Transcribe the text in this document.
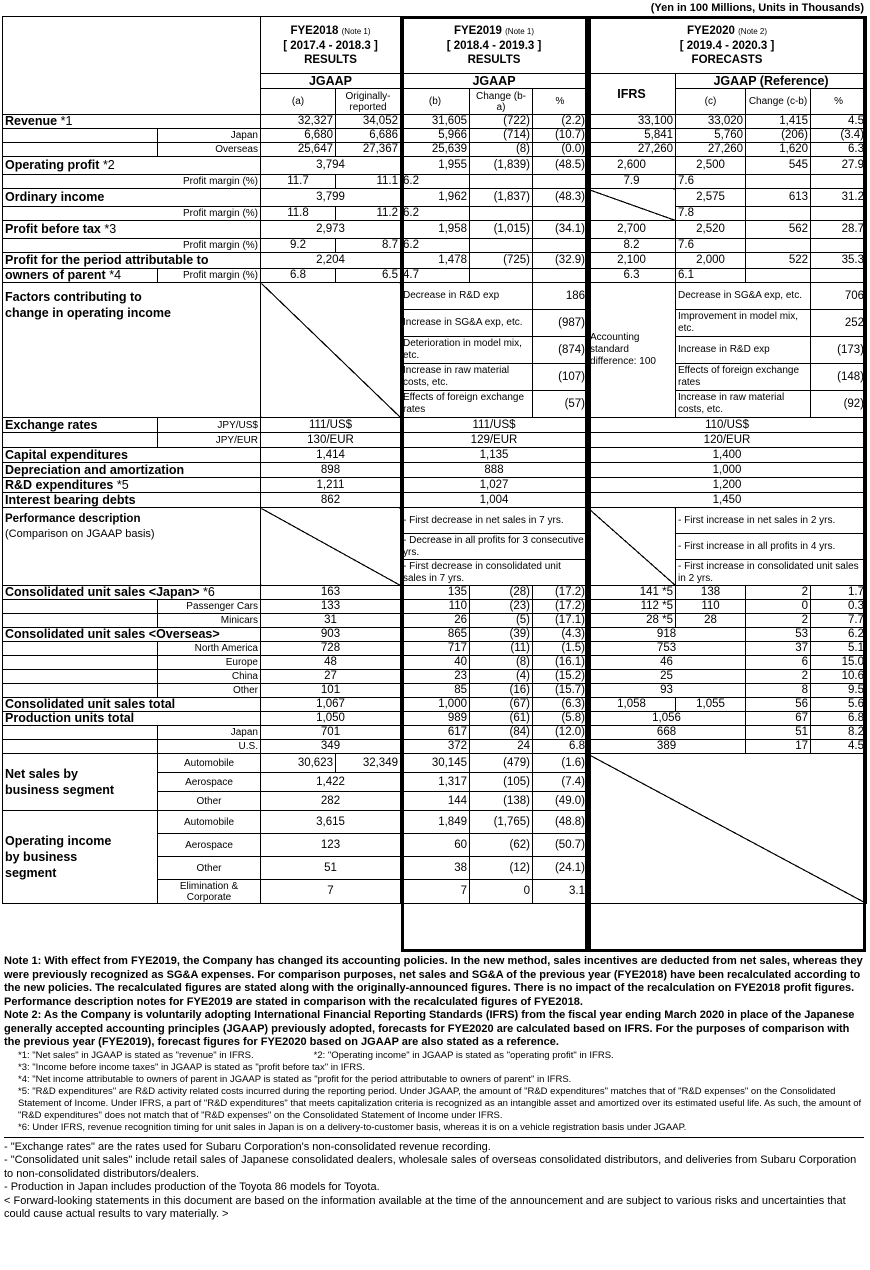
(Yen in 100 Millions, Units in Thousands)
		FYE2018 (Note 1)
[ 2017.4 - 2018.3 ]
RESULTS		FYE2019 (Note 1)
[ 2018.4 - 2019.3 ]
RESULTS			FYE2020 (Note 2)
[ 2019.4 - 2020.3 ]
FORECASTS			
		JGAAP		JGAAP			IFRS	JGAAP (Reference)		
		(a)	Originally-reported	(b)	Change (b-a)	%		(c)	Change (c-b)	%
Revenue *1		32,327	34,052	31,605	(722)	(2.2)	33,100	33,020	1,415	4.5
	Japan	6,680	6,686	5,966	(714)	(10.7)	5,841	5,760	(206)	(3.4)
	Overseas	25,647	27,367	25,639	(8)	(0.0)	27,260	27,260	1,620	6.3
Operating profit *2		3,794		1,955	(1,839)	(48.5)	2,600	2,500	545	27.9
Profit margin (%)		11.7	11.1	6.2			7.9	7.6		
Ordinary income		3,799		1,962	(1,837)	(48.3)		2,575	613	31.2
Profit margin (%)		11.8	11.2	6.2				7.8		
Profit before tax *3		2,973		1,958	(1,015)	(34.1)	2,700	2,520	562	28.7
Profit margin (%)		9.2	8.7	6.2			8.2	7.6		
Profit for the period attributable to		2,204		1,478	(725)	(32.9)	2,100	2,000	522	35.3
owners of parent *4	Profit margin (%)	6.8	6.5	4.7			6.3	6.1		
Factors contributing to
change in operating income				Decrease in R&D exp		186	Accounting standard difference: 100	Decrease in SG&A exp, etc.		706
				Increase in SG&A exp, etc.		(987)		Improvement in model mix, etc.		252
				Deterioration in model mix, etc.		(874)		Increase in R&D exp		(173)
				Increase in raw material costs, etc.		(107)		Effects of foreign exchange rates		(148)
				Effects of foreign exchange rates		(57)		Increase in raw material costs, etc.		(92)
Exchange rates	JPY/US$	111/US$		111/US$			110/US$			
	JPY/EUR	130/EUR		129/EUR			120/EUR			
Capital expenditures		1,414		1,135			1,400			
Depreciation and amortization		898		888			1,000			
R&D expenditures *5		1,211		1,027			1,200			
Interest bearing debts		862		1,004			1,450			
Performance description
(Comparison on JGAAP basis)				- First decrease in net sales in 7 yrs.				- First increase in net sales in 2 yrs.		
				- Decrease in all profits for 3 consecutive yrs.				- First increase in all profits in 4 yrs.		
				- First decrease in consolidated unit sales in 7 yrs.				- First increase in consolidated unit sales in 2 yrs.		
Consolidated unit sales <Japan> *6		163		135	(28)	(17.2)	141 *5	138	2	1.7
	Passenger Cars	133		110	(23)	(17.2)	112 *5	110	0	0.3
	Minicars	31		26	(5)	(17.1)	28 *5	28	2	7.7
Consolidated unit sales <Overseas>		903		865	(39)	(4.3)	918		53	6.2
	North America	728		717	(11)	(1.5)	753		37	5.1
	Europe	48		40	(8)	(16.1)	46		6	15.0
	China	27		23	(4)	(15.2)	25		2	10.6
	Other	101		85	(16)	(15.7)	93		8	9.5
Consolidated unit sales total		1,067		1,000	(67)	(6.3)	1,058	1,055	56	5.6
Production units total		1,050		989	(61)	(5.8)	1,056		67	6.8
	Japan	701		617	(84)	(12.0)	668		51	8.2
	U.S.	349		372	24	6.8	389		17	4.5
Net sales by
business segment	Automobile	30,623	32,349	30,145	(479)	(1.6)				
	Aerospace	1,422		1,317	(105)	(7.4)				
	Other	282		144	(138)	(49.0)				
Operating income
by business
segment	Automobile	3,615		1,849	(1,765)	(48.8)				
	Aerospace	123		60	(62)	(50.7)				
	Other	51		38	(12)	(24.1)				
	Elimination & Corporate	7		7	0	3.1				

Note 1: With effect from FYE2019, the Company has changed its accounting policies. In the new method, sales incentives are deducted from net sales, whereas they were previously recognized as SG&A expenses. For comparison purposes, net sales and SG&A of the previous year (FYE2018) have been recalculated according to the new policies. The recalculated figures are stated along with the originally-announced figures. There is no impact of the recalculation on FYE2018 profit figures. Performance description notes for FYE2019 are stated in comparison with the recalculated figures of FYE2018.

Note 2: As the Company is voluntarily adopting International Financial Reporting Standards (IFRS) from the fiscal year ending March 2020 in place of the Japanese generally accepted accounting principles (JGAAP) previously adopted, forecasts for FYE2020 are calculated based on IFRS. For the purposes of comparison with the previous year (FYE2019), forecast figures for FYE2020 based on JGAAP are also stated as a reference.

*1: "Net sales" in JGAAP is stated as "revenue" in IFRS.	*2: "Operating income" in JGAAP is stated as "operating profit" in IFRS.

*3: "Income before income taxes" in JGAAP is stated as "profit before tax" in IFRS.

*4: "Net income attributable to owners of parent in JGAAP is stated as "profit for the period attributable to owners of parent" in IFRS.

*5: "R&D expenditures" are R&D activity related costs incurred during the reporting period. Under JGAAP, the amount of "R&D expenditures" matches that of "R&D expenses" on the Consolidated Statement of Income. Under IFRS, a part of "R&D expenditures" that meets capitalization criteria is recognized as an intangible asset and amortized over its estimated useful life. As such, the amount of "R&D expenditures" does not match that of "R&D expenses" on the Consolidated Statement of Income under IFRS.

*6: Under IFRS, revenue recognition timing for unit sales in Japan is on a delivery-to-customer basis, whereas it is on a vehicle registration basis under JGAAP.

- "Exchange rates" are the rates used for Subaru Corporation's non-consolidated revenue recording.

- "Consolidated unit sales" include retail sales of Japanese consolidated dealers, wholesale sales of overseas consolidated distributors, and deliveries from Subaru Corporation to non-consolidated distributors/dealers.

- Production in Japan includes production of the Toyota 86 models for Toyota.

< Forward-looking statements in this document are based on the information available at the time of the announcement and are subject to various risks and uncertainties that could cause actual results to vary materially. >
